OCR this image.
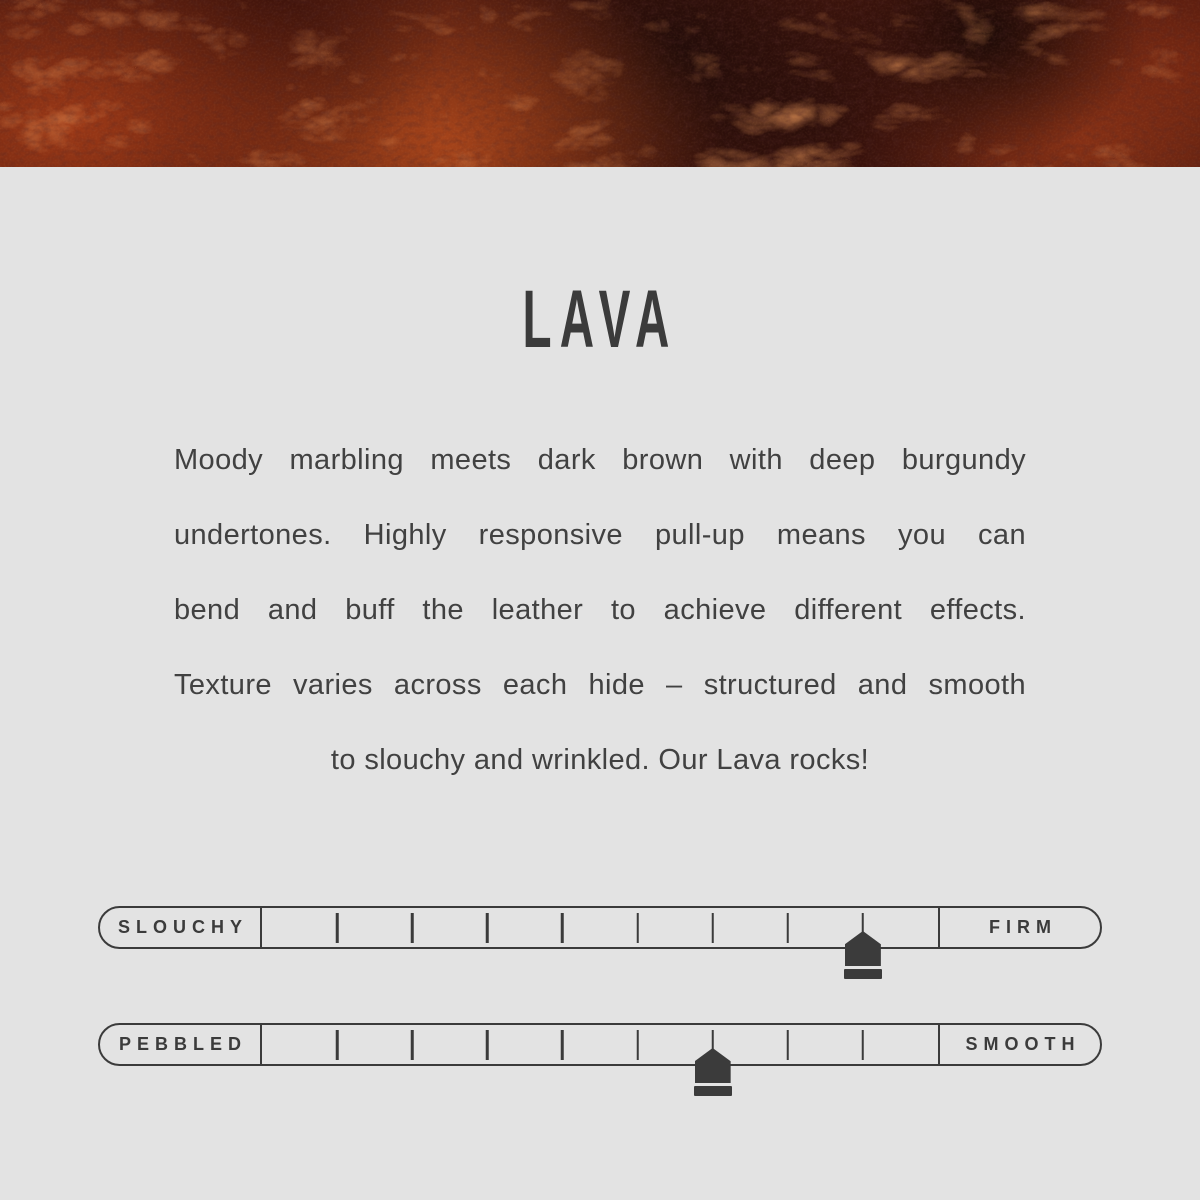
LAVA
Moody marbling meets dark brown with deep burgundy
undertones. Highly responsive pull-up means you can
bend and buff the leather to achieve different effects.
Texture varies across each hide – structured and smooth
to slouchy and wrinkled. Our Lava rocks!
SLOUCHY	FIRM
PEBBLED	SMOOTH
